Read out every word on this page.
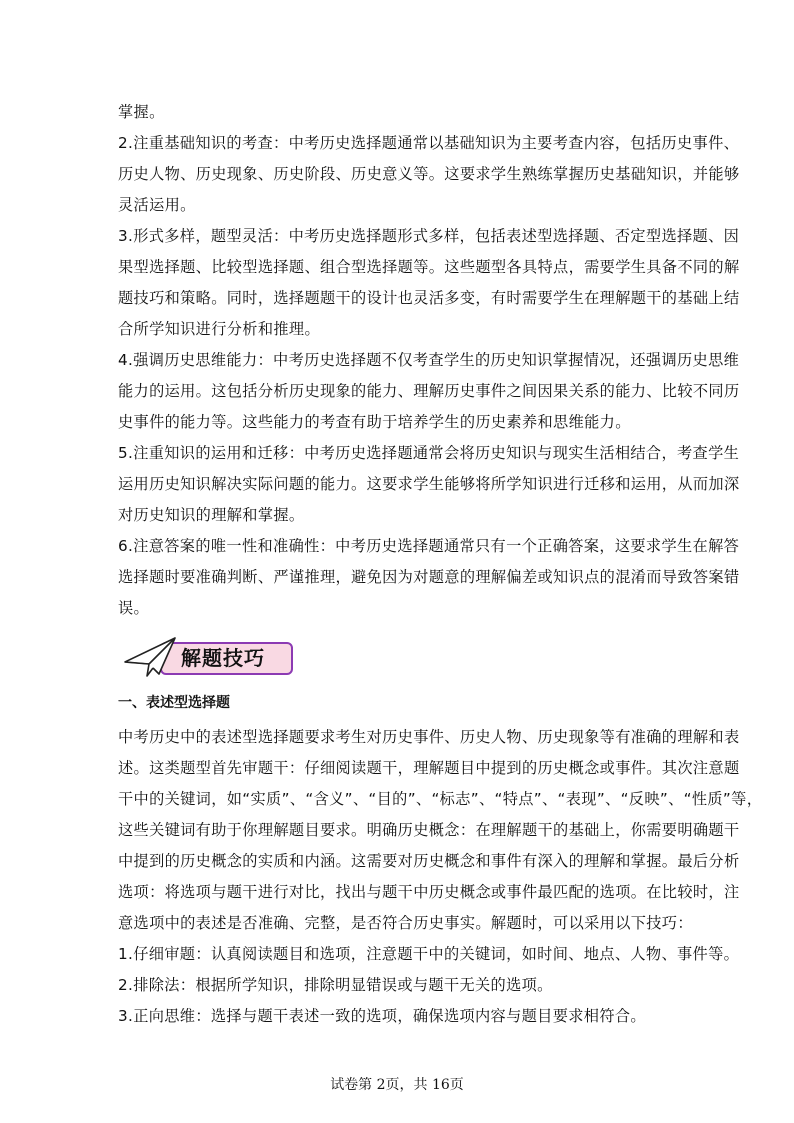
掌握。
2.注重基础知识的考查：中考历史选择题通常以基础知识为主要考查内容，包括历史事件、
历史人物、历史现象、历史阶段、历史意义等。这要求学生熟练掌握历史基础知识，并能够
灵活运用。
3.形式多样，题型灵活：中考历史选择题形式多样，包括表述型选择题、否定型选择题、因
果型选择题、比较型选择题、组合型选择题等。这些题型各具特点，需要学生具备不同的解
题技巧和策略。同时，选择题题干的设计也灵活多变，有时需要学生在理解题干的基础上结
合所学知识进行分析和推理。
4.强调历史思维能力：中考历史选择题不仅考查学生的历史知识掌握情况，还强调历史思维
能力的运用。这包括分析历史现象的能力、理解历史事件之间因果关系的能力、比较不同历
史事件的能力等。这些能力的考查有助于培养学生的历史素养和思维能力。
5.注重知识的运用和迁移：中考历史选择题通常会将历史知识与现实生活相结合，考查学生
运用历史知识解决实际问题的能力。这要求学生能够将所学知识进行迁移和运用，从而加深
对历史知识的理解和掌握。
6.注意答案的唯一性和准确性：中考历史选择题通常只有一个正确答案，这要求学生在解答
选择题时要准确判断、严谨推理，避免因为对题意的理解偏差或知识点的混淆而导致答案错
误。
解题技巧
一、表述型选择题
中考历史中的表述型选择题要求考生对历史事件、历史人物、历史现象等有准确的理解和表
述。这类题型首先审题干：仔细阅读题干，理解题目中提到的历史概念或事件。其次注意题
干中的关键词，如“实质”、“含义”、“目的”、“标志”、“特点”、“表现”、“反映”、“性质”等，
这些关键词有助于你理解题目要求。明确历史概念：在理解题干的基础上，你需要明确题干
中提到的历史概念的实质和内涵。这需要对历史概念和事件有深入的理解和掌握。最后分析
选项：将选项与题干进行对比，找出与题干中历史概念或事件最匹配的选项。在比较时，注
意选项中的表述是否准确、完整，是否符合历史事实。解题时，可以采用以下技巧：
1.仔细审题：认真阅读题目和选项，注意题干中的关键词，如时间、地点、人物、事件等。
2.排除法：根据所学知识，排除明显错误或与题干无关的选项。
3.正向思维：选择与题干表述一致的选项，确保选项内容与题目要求相符合。
试卷第 2页，共 16页
